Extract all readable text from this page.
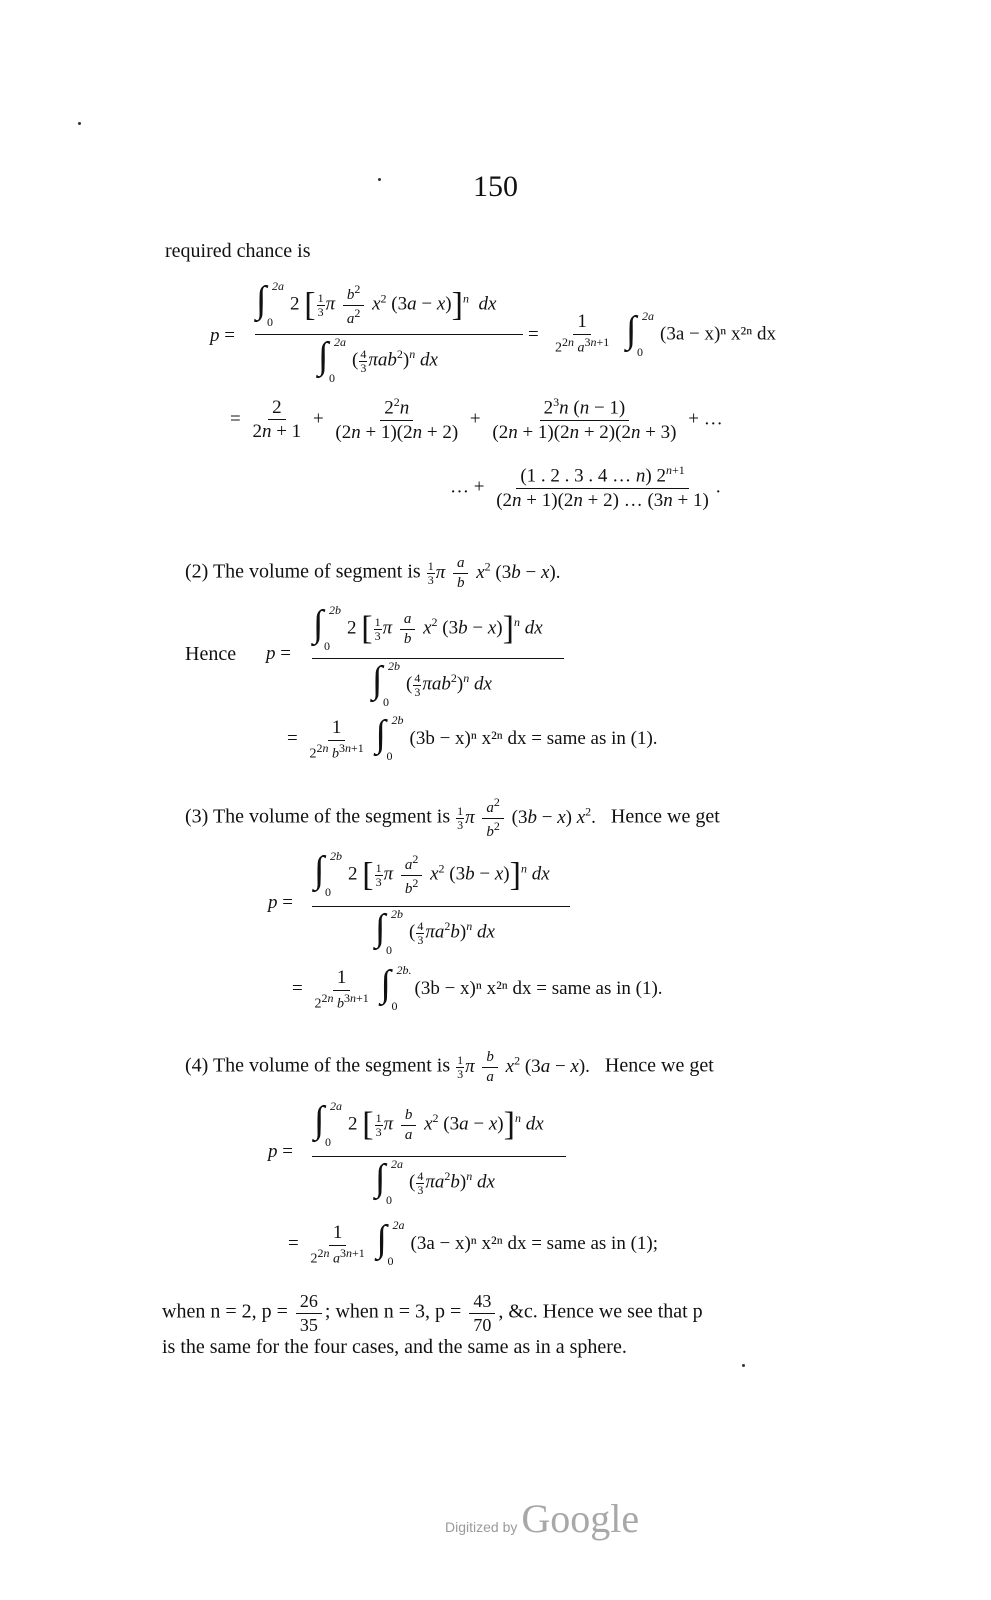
150
required chance is
p =
∫ 2a
0
2 [ $\frac{1}{3}$ π $\frac{b^2}{a^2} x^2$ (3a − x)]$^n$ dx
∫ 2a
0
( $\frac{4}{3} \pi ab^2)^n$ dx
= $\frac{1}{2^{2n} a^{3n+1}}$ ∫ 2a
0
(3a − x)ⁿ x²ⁿ dx
= $\frac{2}{2n + 1} + \frac{2^2n}{(2n + 1)(2n + 2)} + \frac{2^3n (n - 1)}{(2n + 1)(2n + 2)(2n + 3)}$ + …
… + $\frac{(1 . 2 . 3 . 4 \dots n) 2^{n+1}}{(2n + 1)(2n + 2) \dots (3n + 1)}$ .
(2) The volume of segment is $\frac{1}{3}$ π $\frac{a}{b} x^2$ (3b − x).
Hence p =
∫ 2b
0
2 [ $\frac{1}{3}$ π $\frac{a}{b} x^2$ (3b − x)]$^n$ dx
∫ 2b
0
( $\frac{4}{3} \pi ab^2)^n$ dx
= $\frac{1}{2^{2n} b^{3n+1}}$
∫ 2b
0
(3b − x)ⁿ x²ⁿ dx = same as in (1).
(3) The volume of the segment is $\frac{1}{3}$ π $\frac{a^2}{b^2} (3b - x)$ $x^2$. Hence we get
p =
∫ 2b
0
2 [ $\frac{1}{3}$ π $\frac{a^2}{b^2} x^2$ (3b − x)]$^n$ dx
∫ 2b
0
( $\frac{4}{3} \pi a^2b)^n$ dx
= $\frac{1}{2^{2n} b^{3n+1}}$
∫ 2b.
0
(3b − x)ⁿ x²ⁿ dx = same as in (1).
(4) The volume of the segment is $\frac{1}{3}$ π $\frac{b}{a} x^2$ (3a − x). Hence we get
p =
∫ 2a
0
2 [ $\frac{1}{3}$ π $\frac{b}{a} x^2$ (3a − x)]$^n$ dx
∫ 2a
0
( $\frac{4}{3} \pi a^2b)^n$ dx
= $\frac{1}{2^{2n} a^{3n+1}}$
∫ 2a
0
(3a − x)ⁿ x²ⁿ dx = same as in (1);
when n = 2, $p = \frac{26}{35}$ ; when n = 3, $p = \frac{43}{70}$ , &c. Hence we see that p
is the same for the four cases, and the same as in a sphere.
Digitized by Google
